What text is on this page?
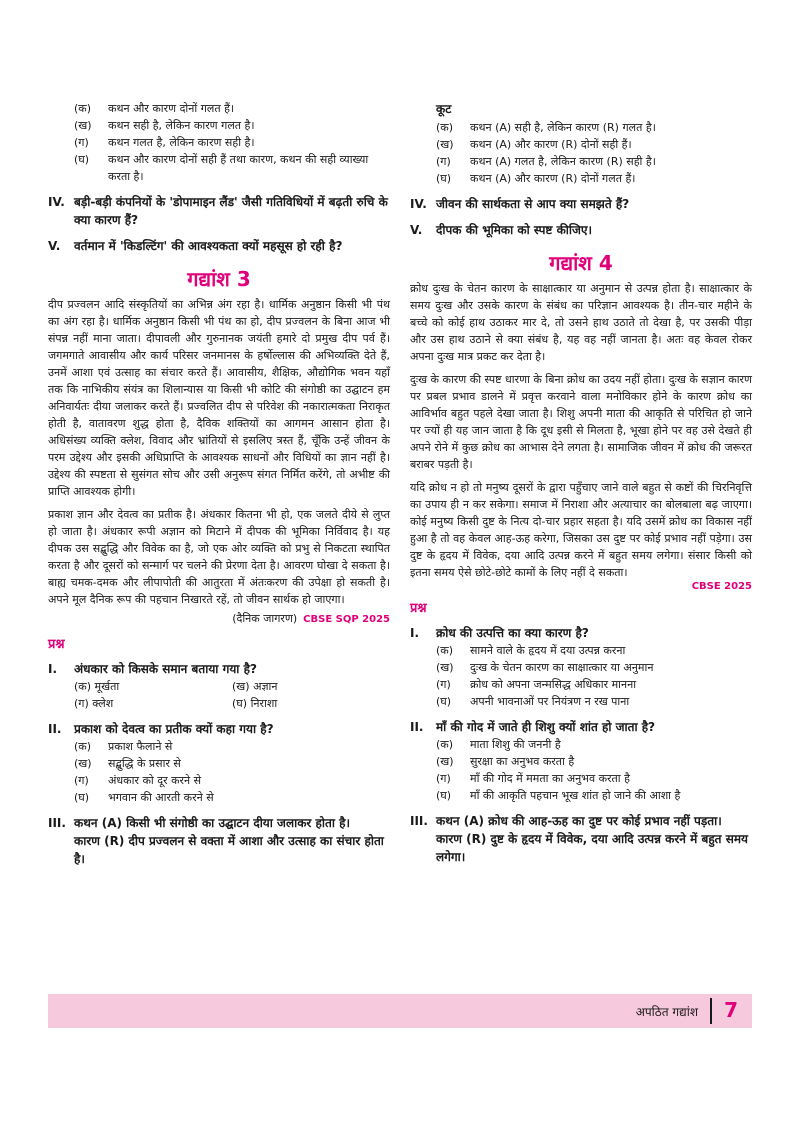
(क)	कथन और कारण दोनों गलत हैं।
(ख)	कथन सही है, लेकिन कारण गलत है।
(ग)	कथन गलत है, लेकिन कारण सही है।
(घ)	कथन और कारण दोनों सही हैं तथा कारण, कथन की सही व्याख्या करता है।
IV. बड़ी-बड़ी कंपनियों के 'डोपामाइन लैंड' जैसी गतिविधियों में बढ़ती रुचि के क्या कारण हैं?
V.	वर्तमान में 'किडल्टिंग' की आवश्यकता क्यों महसूस हो रही है?
गद्यांश 3

दीप प्रज्वलन आदि संस्कृतियों का अभिन्न अंग रहा है। धार्मिक अनुष्ठान किसी भी पंथ का अंग रहा है। धार्मिक अनुष्ठान किसी भी पंथ का हो, दीप प्रज्वलन के बिना आज भी संपन्न नहीं माना जाता। दीपावली और गुरुनानक जयंती हमारे दो प्रमुख दीप पर्व हैं। जगमगाते आवासीय और कार्य परिसर जनमानस के हर्षोल्लास की अभिव्यक्ति देते हैं, उनमें आशा एवं उत्साह का संचार करते हैं। आवासीय, शैक्षिक, औद्योगिक भवन यहाँ तक कि नाभिकीय संयंत्र का शिलान्यास या किसी भी कोटि की संगोष्ठी का उद्घाटन हम अनिवार्यतः दीया जलाकर करते हैं। प्रज्वलित दीप से परिवेश की नकारात्मकता निराकृत होती है, वातावरण शुद्ध होता है, दैविक शक्तियों का आगमन आसान होता है। अधिसंख्य व्यक्ति क्लेश, विवाद और भ्रांतियों से इसलिए त्रस्त हैं, चूँकि उन्हें जीवन के परम उद्देश्य और इसकी अधिप्राप्ति के आवश्यक साधनों और विधियों का ज्ञान नहीं है। उद्देश्य की स्पष्टता से सुसंगत सोच और उसी अनुरूप संगत निर्मित करेंगे, तो अभीष्ट की प्राप्ति आवश्यक होगी।

प्रकाश ज्ञान और देवत्व का प्रतीक है। अंधकार कितना भी हो, एक जलते दीये से लुप्त हो जाता है। अंधकार रूपी अज्ञान को मिटाने में दीपक की भूमिका निर्विवाद है। यह दीपक उस सद्बुद्धि और विवेक का है, जो एक ओर व्यक्ति को प्रभु से निकटता स्थापित करता है और दूसरों को सन्मार्ग पर चलने की प्रेरणा देता है। आवरण घोखा दे सकता है। बाह्य चमक-दमक और लीपापोती की आतुरता में अंतःकरण की उपेक्षा हो सकती है। अपने मूल दैनिक रूप की पहचान निखारते रहें, तो जीवन सार्थक हो जाएगा।

(दैनिक जागरण) CBSE SQP 2025
प्रश्न
I.	अंधकार को किसके समान बताया गया है?
(क) मूर्खता	(ख) अज्ञान
(ग) क्लेश	(घ) निराशा
II.	प्रकाश को देवत्व का प्रतीक क्यों कहा गया है?
(क)	प्रकाश फैलाने से
(ख)	सद्बुद्धि के प्रसार से
(ग)	अंधकार को दूर करने से
(घ)	भगवान की आरती करने से
III. कथन (A) किसी भी संगोष्ठी का उद्घाटन दीया जलाकर होता है।
कारण (R) दीप प्रज्वलन से वक्ता में आशा और उत्साह का संचार होता है।
कूट
(क)	कथन (A) सही है, लेकिन कारण (R) गलत है।
(ख)	कथन (A) और कारण (R) दोनों सही हैं।
(ग)	कथन (A) गलत है, लेकिन कारण (R) सही है।
(घ)	कथन (A) और कारण (R) दोनों गलत हैं।
IV. जीवन की सार्थकता से आप क्या समझते हैं?
V.	दीपक की भूमिका को स्पष्ट कीजिए।
गद्यांश 4

क्रोध दुःख के चेतन कारण के साक्षात्कार या अनुमान से उत्पन्न होता है। साक्षात्कार के समय दुःख और उसके कारण के संबंध का परिज्ञान आवश्यक है। तीन-चार महीने के बच्चे को कोई हाथ उठाकर मार दे, तो उसने हाथ उठाते तो देखा है, पर उसकी पीड़ा और उस हाथ उठाने से क्या संबंध है, यह वह नहीं जानता है। अतः वह केवल रोकर अपना दुःख मात्र प्रकट कर देता है।

दुःख के कारण की स्पष्ट धारणा के बिना क्रोध का उदय नहीं होता। दुःख के सज्ञान कारण पर प्रबल प्रभाव डालने में प्रवृत्त करवाने वाला मनोविकार होने के कारण क्रोध का आविर्भाव बहुत पहले देखा जाता है। शिशु अपनी माता की आकृति से परिचित हो जाने पर ज्यों ही यह जान जाता है कि दूध इसी से मिलता है, भूखा होने पर वह उसे देखते ही अपने रोने में कुछ क्रोध का आभास देने लगता है। सामाजिक जीवन में क्रोध की जरूरत बराबर पड़ती है।

यदि क्रोध न हो तो मनुष्य दूसरों के द्वारा पहुँचाए जाने वाले बहुत से कष्टों की चिरनिवृत्ति का उपाय ही न कर सकेगा। समाज में निराशा और अत्याचार का बोलबाला बढ़ जाएगा। कोई मनुष्य किसी दुष्ट के नित्य दो-चार प्रहार सहता है। यदि उसमें क्रोध का विकास नहीं हुआ है तो वह केवल आह-ऊह करेगा, जिसका उस दुष्ट पर कोई प्रभाव नहीं पड़ेगा। उस दुष्ट के हृदय में विवेक, दया आदि उत्पन्न करने में बहुत समय लगेगा। संसार किसी को इतना समय ऐसे छोटे-छोटे कामों के लिए नहीं दे सकता।

CBSE 2025
प्रश्न
I.	क्रोध की उत्पत्ति का क्या कारण है?
(क)	सामने वाले के हृदय में दया उत्पन्न करना
(ख)	दुःख के चेतन कारण का साक्षात्कार या अनुमान
(ग)	क्रोध को अपना जन्मसिद्ध अधिकार मानना
(घ)	अपनी भावनाओं पर नियंत्रण न रख पाना
II.	माँ की गोद में जाते ही शिशु क्यों शांत हो जाता है?
(क)	माता शिशु की जननी है
(ख)	सुरक्षा का अनुभव करता है
(ग)	माँ की गोद में ममता का अनुभव करता है
(घ)	माँ की आकृति पहचान भूख शांत हो जाने की आशा है
III. कथन (A) क्रोध की आह-ऊह का दुष्ट पर कोई प्रभाव नहीं पड़ता।
कारण (R) दुष्ट के हृदय में विवेक, दया आदि उत्पन्न करने में बहुत समय लगेगा।
अपठित गद्यांश 7
